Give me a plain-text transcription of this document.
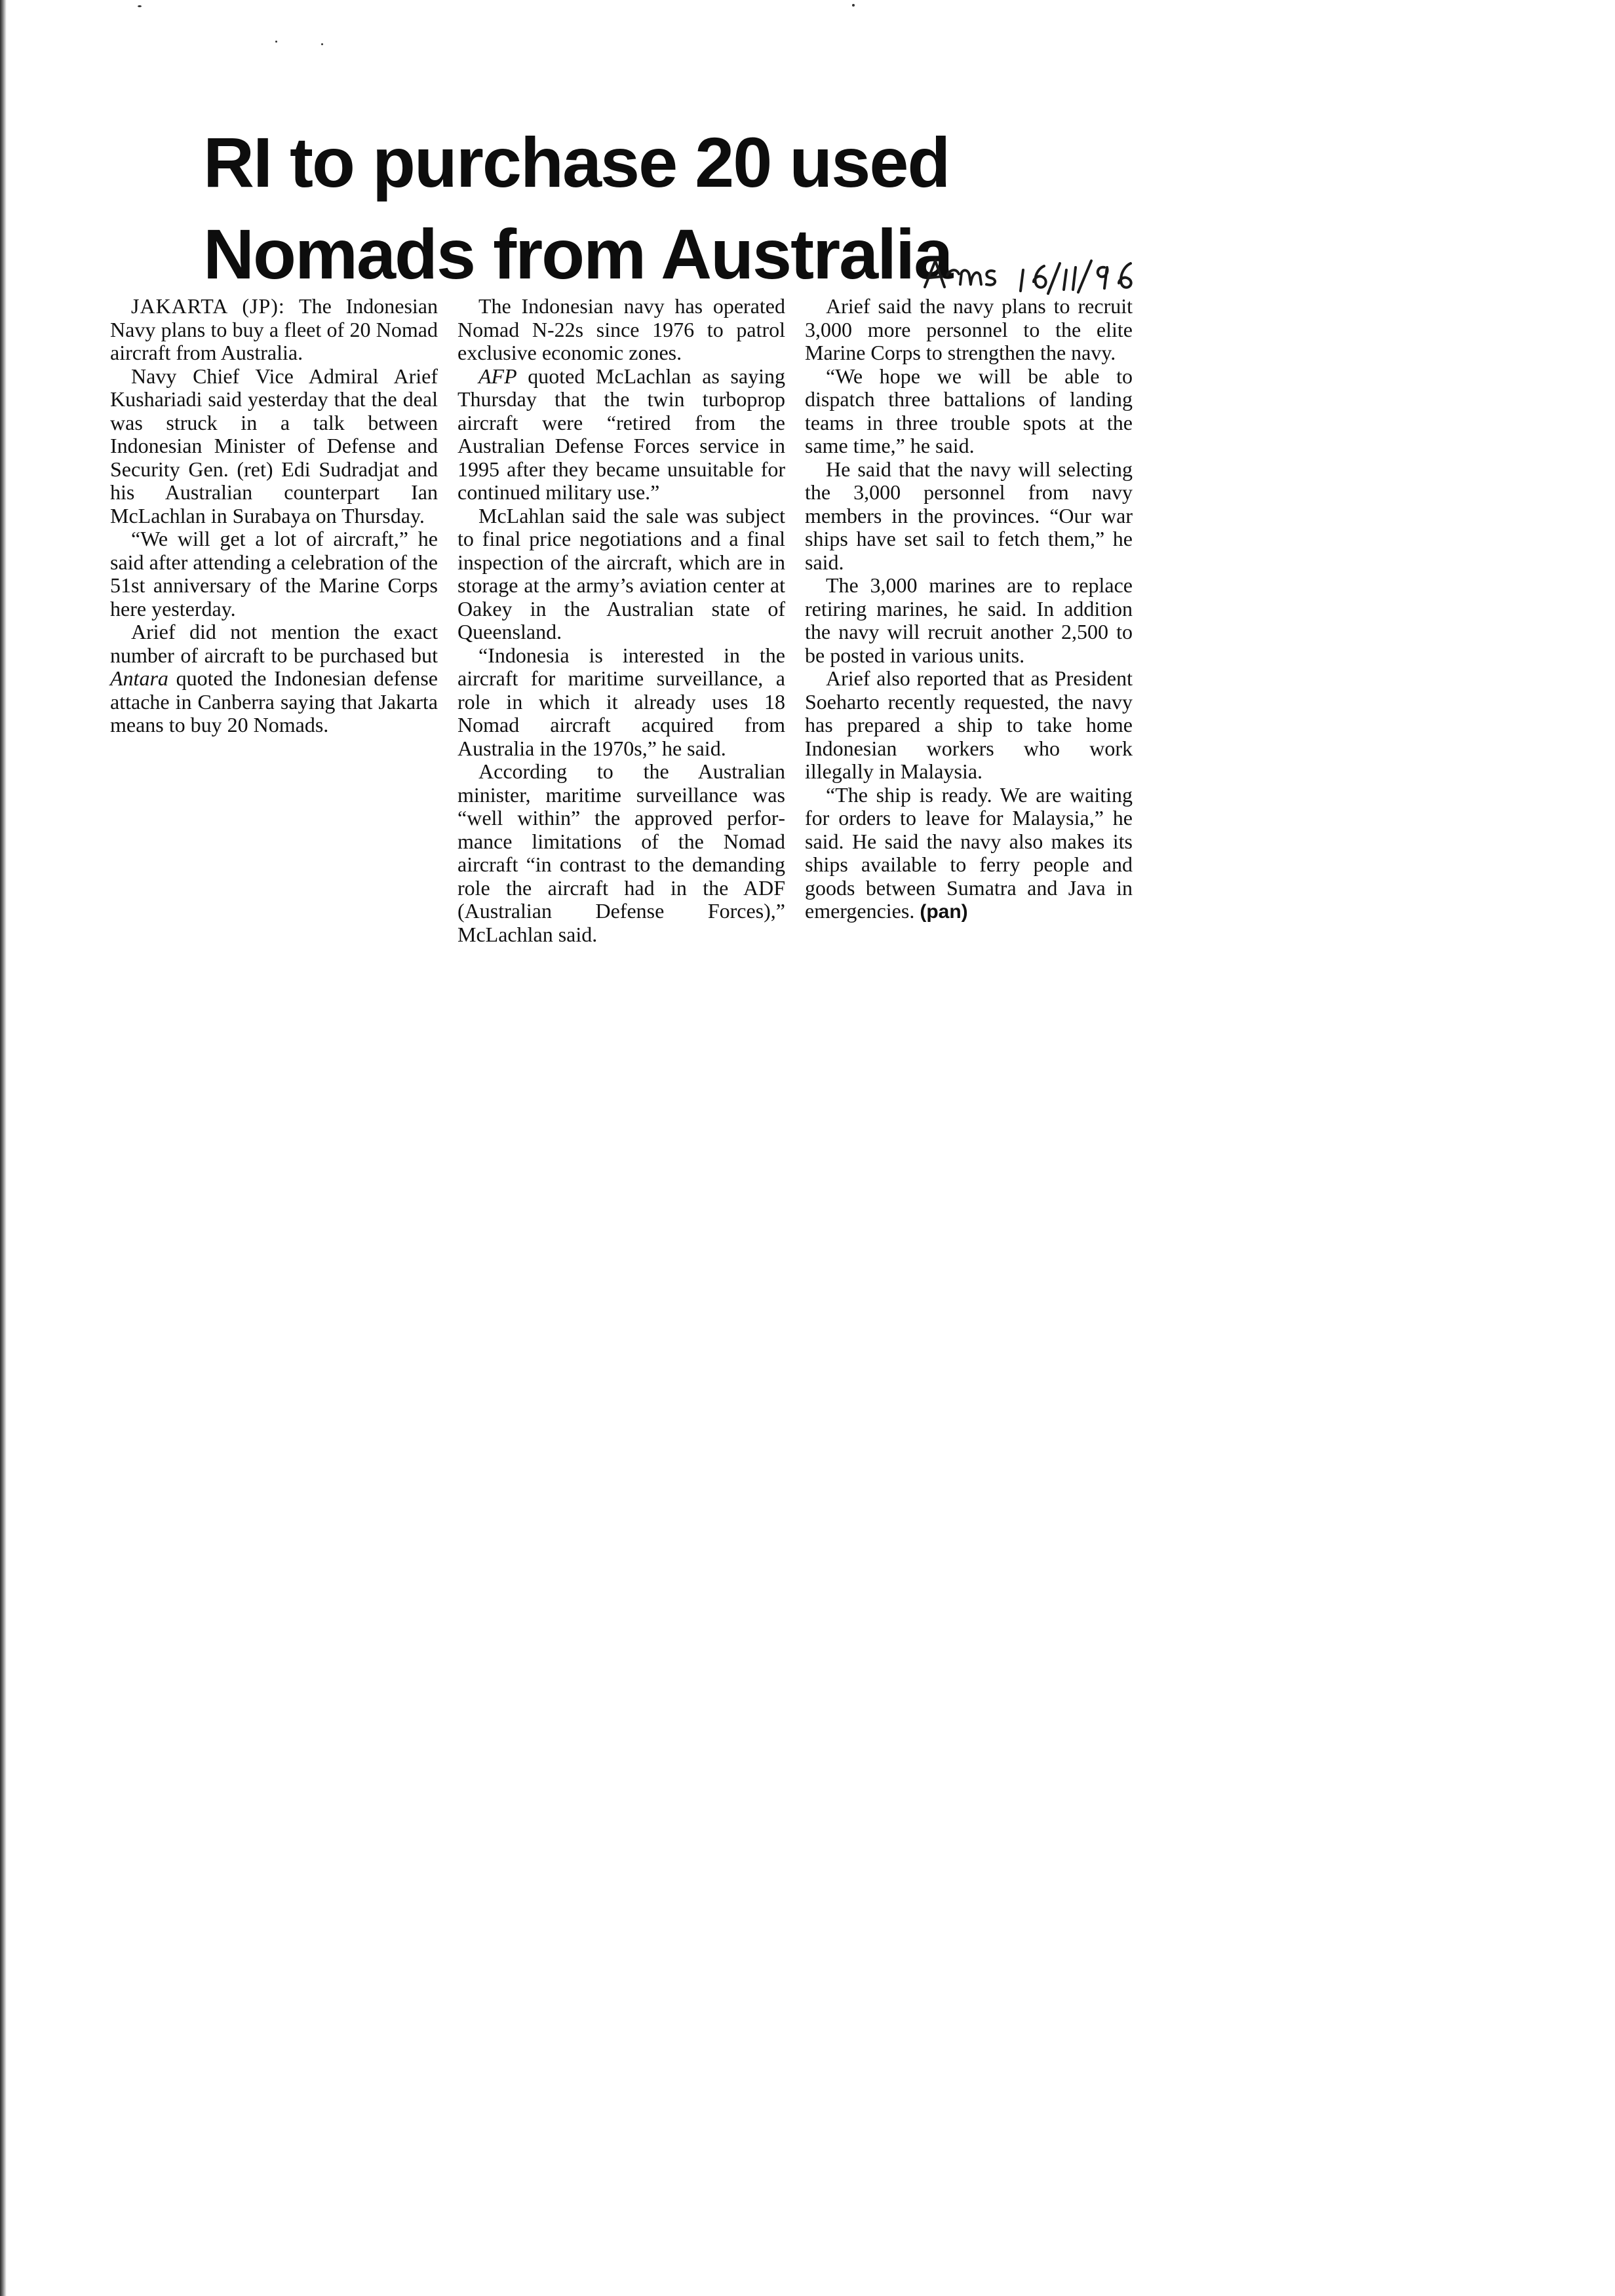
RI to purchase 20 used
Nomads from Australia

JAKARTA (JP): The Indonesian Navy plans to buy a fleet of 20 Nomad aircraft from Australia.

Navy Chief Vice Admiral Arief Kushariadi said yesterday that the deal was struck in a talk between Indonesian Minister of Defense and Security Gen. (ret) Edi Sudradjat and his Australian counterpart Ian McLachlan in Surabaya on Thursday.

“We will get a lot of aircraft,” he said after attending a celebration of the 51st anniversary of the Marine Corps here yesterday.

Arief did not mention the exact number of aircraft to be purchased but Antara quoted the Indonesian defense attache in Canberra saying that Jakarta means to buy 20 Nomads.

The Indonesian navy has operated Nomad N-22s since 1976 to patrol exclusive economic zones.

AFP quoted McLachlan as saying Thursday that the twin turboprop aircraft were “retired from the Australian Defense Forces service in 1995 after they became unsuitable for continued military use.”

McLahlan said the sale was subject to final price negotiations and a final inspection of the aircraft, which are in storage at the army’s aviation center at Oakey in the Australian state of Queensland.

“Indonesia is interested in the aircraft for maritime surveillance, a role in which it already uses 18 Nomad aircraft acquired from Australia in the 1970s,” he said.

According to the Australian minister, maritime surveillance was “well within” the approved performance limitations of the Nomad aircraft “in contrast to the demanding role the aircraft had in the ADF (Australian Defense Forces),” McLachlan said.

Arief said the navy plans to recruit 3,000 more personnel to the elite Marine Corps to strengthen the navy.

“We hope we will be able to dispatch three battalions of landing teams in three trouble spots at the same time,” he said.

He said that the navy will selecting the 3,000 personnel from navy members in the provinces. “Our war ships have set sail to fetch them,” he said.

The 3,000 marines are to replace retiring marines, he said. In addition the navy will recruit another 2,500 to be posted in various units.

Arief also reported that as President Soeharto recently requested, the navy has prepared a ship to take home Indonesian workers who work illegally in Malaysia.

“The ship is ready. We are waiting for orders to leave for Malaysia,” he said. He said the navy also makes its ships available to ferry people and goods between Sumatra and Java in emergencies. (pan)
